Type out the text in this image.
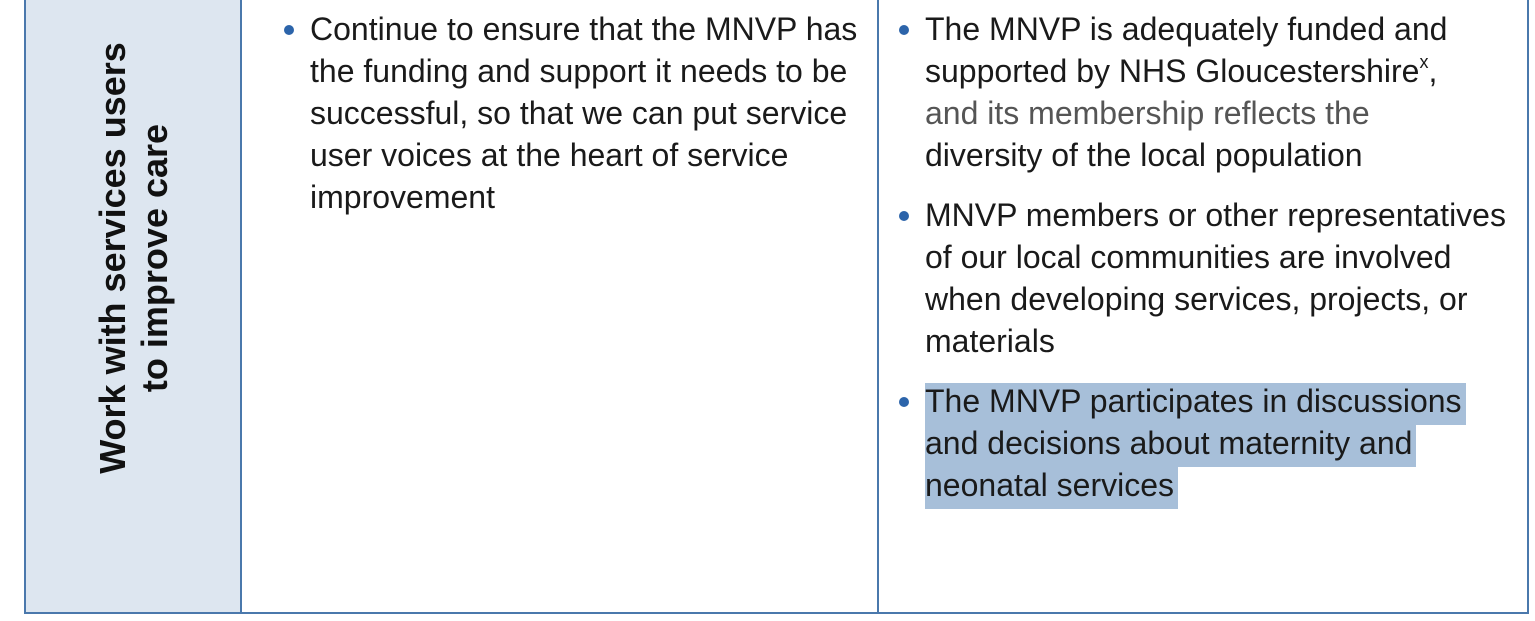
Work with services users to improve care
Continue to ensure that the MNVP has the funding and support it needs to be successful, so that we can put service user voices at the heart of service improvement
The MNVP is adequately funded and supported by NHS Gloucestershire$^x$,
and its membership reflects the
diversity of the local population
MNVP members or other representatives of our local communities are involved when developing services, projects, or materials
The MNVP participates in discussions and decisions about maternity and neonatal services
